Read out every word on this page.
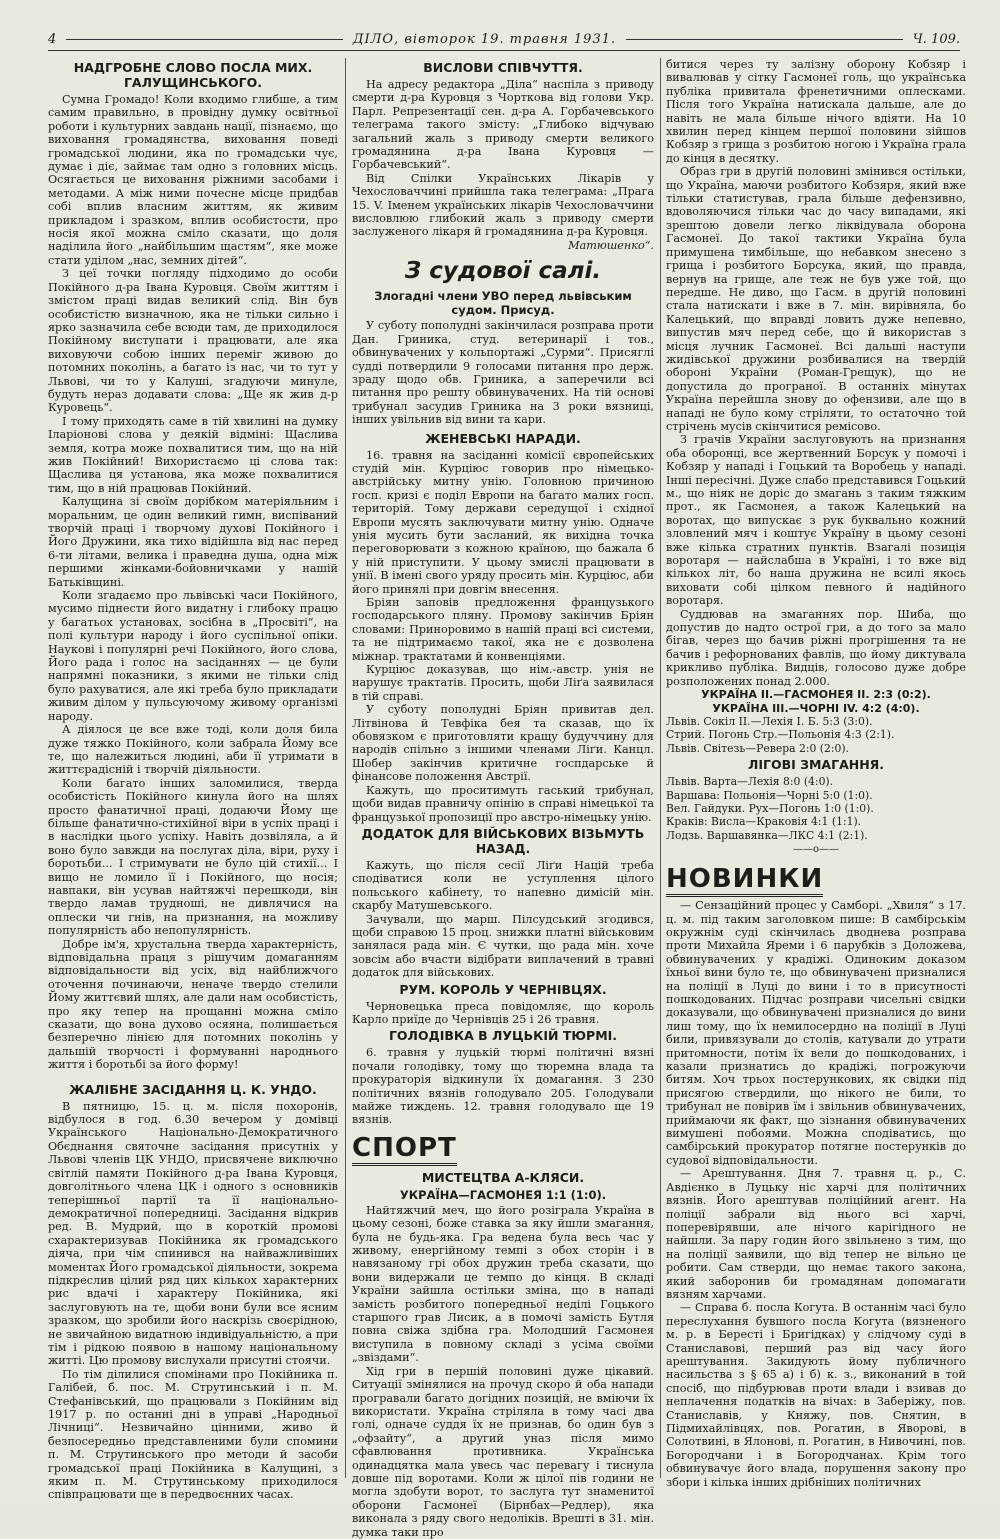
4	ДІЛО, вівторок 19. травня 1931.	Ч. 109.
НАДГРОБНЕ СЛОВО ПОСЛА МИХ. ГАЛУЩИНСЬКОГО.

Сумна Громадо! Коли входимо глибше, а тим самим правильно, в провідну думку освітньої роботи і культурних завдань нації, пізнаємо, що виховання громадянства, виховання поведі громадської людини, яка по громадськи чує, думає і діє, займає там одно з головних місць. Осягається це виховання ріжними засобами і методами. А між ними почесне місце придбав собі вплив власним життям, як живим прикладом і зразком, вплив особистости, про носія якої можна сміло сказати, що доля наділила його „найбільшим щастям“, яке може стати уділом „нас, земних дітей“.

З цеї точки погляду підходимо до особи Покійного д-ра Івана Куровця. Своїм життям і змістом праці видав великий слід. Він був особистістю визначною, яка не тільки сильно і ярко зазначила себе всюди там, де приходилося Покійному виступати і працювати, але яка виховуючи собою інших переміг живою до потомних поколінь, а багато із нас, чи то тут у Львові, чи то у Калуші, згадуючи минуле, будуть нераз додавати слова: „Ще як жив д-р Куровець“.

І тому приходять саме в тій хвилині на думку Іларіонові слова у деякій відміні: Щаслива земля, котра може похвалитися тим, що на ній жив Покійний! Вихористаємо ці слова так: Щаслива ця установа, яка може похвалитися тим, що в ній працював Покійний.

Калущина зі своїм дорібком матеріяльним і моральним, це один великий гимн, виспіваний творчій праці і творчому духові Покійного і Його Дружини, яка тихо відійшла від нас перед 6-ти літами, велика і праведна душа, одна між першими жінками-бойовничками у нашій Батьківщині.

Коли згадаємо про львівські часи Покійного, мусимо піднести його видатну і глибоку працю у багатьох установах, зосібна в „Просвіті“, на полі культури народу і його суспільної опіки. Наукові і популярні речі Покійного, його слова, Його рада і голос на засіданнях — це були напрямні показники, з якими не тільки слід було рахуватися, але які треба було прикладати живим ділом у пульсуючому живому організмі народу.

А діялося це все вже тоді, коли доля била дуже тяжко Покійного, коли забрала Йому все те, що належиться людині, аби її утримати в життєрадісній і творчій діяльности.

Коли багато інших заломилися, тверда особистість Покійного кинула його на шлях просто фанатичної праці, додаючи Йому ще більше фанатично-стихійної віри в успіх праці і в наслідки цього успіху. Навіть дозвіляла, а й воно було завжди на послугах діла, віри, руху і боротьби... І стримувати не було цій стихії... І вищо не ломило її і Покійного, що носія; навпаки, він усував найтяжчі перешкоди, він твердо ламав трудноші, не дивлячися на оплески чи гнів, на признання, на можливу популярність або непопулярність.

Добре ім'я, хрустальна тверда характерність, відповідальна праця з рішучим домаганням відповідальности від усіх, від найближчого оточення починаючи, неначе твердо стелили Йому життєвий шлях, але дали нам особистість, про яку тепер на прощанні можна сміло сказати, що вона духово осяяна, полишається безперечно лінією для потомних поколінь у дальшій творчості і формуванні народнього життя і боротьбі за його форму!

ЖАЛІБНЕ ЗАСІДАННЯ Ц. К. УНДО.

В пятницю, 15. ц. м. після похоронів, відбулося в год. 6.30 вечером у домівці Українського Національно-Демократичного Обєднання святочне засідання присутніх у Львові членів ЦК УНДО, присвячене виключно світлій памяти Покійного д-ра Івана Куровця, довголітнього члена ЦК і одного з основників теперішньої партії та її національно-демократичної попередниці. Засідання відкрив ред. В. Мудрий, що в короткій промові схарактеризував Покійника як громадського діяча, при чім спинився на найважливіших моментах Його громадської діяльности, зокрема підкреслив цілий ряд цих кількох характерних рис вдачі і характеру Покійника, які заслуговують на те, щоби вони були все ясним зразком, що зробили його наскрізь своєрідною, не звичайною видатною індивідуальністю, а при тім і рідкою появою в нашому національному житті. Цю промову вислухали присутні стоячи.

По тім ділилися спомінами про Покійника п. Галібей, б. пос. М. Струтинський і п. М. Стефанівський, що працювали з Покійним від 1917 р. по останні дні в управі „Народньої Лічниці“. Незвичайно цінними, живо й безпосередньо представленими були спомини п. М. Струтинського про методи й засоби громадської праці Покійника в Калущині, з яким п. М. Струтинському приходилося співпрацювати ще в передвоєнних часах.

ВИСЛОВИ СПІВЧУТТЯ.

На адресу редактора „Діла“ наспіла з приводу смерти д-ра Куровця з Чорткова від голови Укр. Парл. Репрезентації сен. д-ра А. Горбачевського телеграма такого змісту: „Глибоко відчуваю загальний жаль з приводу смерти великого громадянина д-ра Івана Куровця — Горбачевський“.

Від Спілки Українських Лікарів у Чехословаччині прийшла така телеграма: „Прага 15. V. Іменем українських лікарів Чехословаччини висловлюю глибокий жаль з приводу смерти заслуженого лікаря й громадянина д-ра Куровця.

Матюшенко“.

З судової салі.
Злогадні члени УВО перед львівським судом. Присуд.

У суботу пополудні закінчилася розправа проти Дан. Гриника, студ. ветеринарії і тов., обвинувачених у кольпортажі „Сурми“. Присяглі судді потвердили 9 голосами питання про держ. зраду щодо обв. Гриника, а заперечили всі питання про решту обвинувачених. На тій основі трибунал засудив Гриника на 3 роки вязниці, інших увільнив від вини та кари.

ЖЕНЕВСЬКІ НАРАДИ.

16. травня на засіданні комісії європейських студій мін. Курціюс говорив про німецько-австрійську митну унію. Головною причиною госп. кризі є поділ Европи на багато малих госп. територій. Тому держави середущої і східної Европи мусять заключувати митну унію. Одначе унія мусить бути засланий, як вихідна точка переговорювати з кожною країною, що бажала б у ній приступити. У цьому змислі працювати в унії. В імені свого уряду просить мін. Курціюс, аби його принялі при довгім внесення.

Бріян заповів предложення французького господарського пляну. Промову закінчив Бріян словами: Приноровимо в нашій праці всі системи, та не підтримаємо такої, яка не є дозволена міжнар. трактатами й конвенціями.

Курціюс доказував, що нім.-австр. унія не нарушує трактатів. Просить, щоби Ліґа заявилася в тій справі.

У суботу пополудні Бріян привитав дел. Літвінова й Тевфіка бея та сказав, що їх обовязком є приготовляти кращу будуччину для народів спільно з іншими членами Ліґи. Канцл. Шобер закінчив критичне госпдарське й фінансове положення Австрії.

Кажуть, що проситимуть гаський трибунал, щоби видав правничу опінію в справі німецької та французької пропозиції про австро-німецьку унію.

ДОДАТОК ДЛЯ ВІЙСЬКОВИХ ВІЗЬМУТЬ НАЗАД.

Кажуть, що після сесії Ліґи Націй треба сподіватися коли не уступлення цілого польського кабінету, то напевно димісій мін. скарбу Матушевського.

Зачували, що марш. Пілсудський згодився, щоби справою 15 проц. знижки платні військовим занялася рада мін. Є чутки, що рада мін. хоче зовсім або вчасти відібрати виплачений в травні додаток для військових.

РУМ. КОРОЛЬ У ЧЕРНІВЦЯХ.

Черновецька преса повідомляє, що король Карло приїде до Чернівців 25 і 26 травня.

ГОЛОДІВКА В ЛУЦЬКІЙ ТЮРМІ.

6. травня у луцькій тюрмі політичні вязні почали голодівку, тому що тюремна влада та прокураторія відкинули їх домагання. З 230 політичних вязнів голодувало 205. Голодували майже тиждень. 12. травня голодувало ще 19 вязнів.

СПОРТ
МИСТЕЦТВА А-КЛЯСИ.
УКРАЇНА—ГАСМОНЕЯ 1:1 (1:0).

Найтяжчий меч, що його розіграла Україна в цьому сезоні, боже ставка за яку йшли змагання, була не будь-яка. Гра ведена була весь час у живому, енергійному темпі з обох сторін і в навязаному грі обох дружин треба сказати, що вони видержали це темпо до кінця. В складі України зайшла остільки зміна, що в нападі замість розбитого попередньої неділі Гоцького старшого грав Лисик, а в помочі замість Бутля повна свіжа здібна гра. Молодший Гасмонея виступила в повному складі з усіма своїми „звіздами“.

Хід гри в першій половині дуже цікавий. Ситуації змінялися на прочуд скоро й оба напади програвали багато догідних позицій, не вміючи їх використати. Україна стріляла в тому часі два голі, одначе суддя їх не признав, бо один був з „офзайту“, а другий уназ після мимо сфавлювання противника. Українська одинадцятка мала увесь час перевагу і тиснула довше під воротами. Коли ж цілої пів години не могла здобути ворот, то заслуга тут знаменитої оборони Гасмонеї (Бірнбах—Редлер), яка виконала з ряду свого недоліків. Врешті в 31. мін. думка таки про

битися через ту залізну оборону Кобзяр і вивалював у сітку Гасмонеї голь, що українська публіка привитала френетичними оплесками. Після того Україна натискала дальше, але до навіть не мала більше нічого вдіяти. На 10 хвилин перед кінцем першої половини зійшов Кобзяр з грища з розбитою ногою і Україна грала до кінця в десятку.

Образ гри в другій половині змінився остільки, що Україна, маючи розбитого Кобзяря, який вже тільки статистував, грала більше дефензивно, вдоволяючися тільки час до часу випадами, які зрештою довели легко ліквідувала оборона Гасмонеї. До такої тактики Україна була примушена тимбільше, що небавком знесено з грища і розбитого Борсука, який, що правда, вернув на грище, але теж не був уже той, що передше. Не диво, що Гасм. в другій половині стала натискати і вже в 7. мін. вирівняла, бо Калецький, що вправді ловить дуже непевно, випустив мяч перед себе, що й використав з місця лучник Гасмонеї. Всі дальші наступи жидівської дружини розбивалися на твердій обороні України (Роман-Грещук), що не допустила до програної. В останніх мінутах Україна перейшла знову до офензиви, але що в нападі не було кому стріляти, то остаточно той стрічень мусів скінчитися ремісово.

З грачів України заслуговують на признання оба оборонці, все жертвенний Борсук у помочі і Кобзяр у нападі і Гоцький та Воробець у нападі. Інші пересічні. Дуже слабо представився Гоцький м., що ніяк не доріс до змагань з таким тяжким прот., як Гасмонея, а також Калецький на воротах, що випускає з рук буквально кожний зловлений мяч і коштує Україну в цьому сезоні вже кілька стратних пунктів. Взагалі позиція воротаря — найслабша в Україні, і то вже від кількох літ, бо наша дружина не всилі якось виховати собі цілком певного й надійного воротаря.

Суддював на змаганнях пор. Шиба, що допустив до надто острої гри, а до того за мало бігав, через що бачив ріжні прогрішення та не бачив і рефорнованих фавлів, що йому диктувала крикливо публіка. Видців, голосово дуже добре розположених понад 2.000.

УКРАЇНА II.—ГАСМОНЕЯ II. 2:3 (0:2).
УКРАЇНА III.—ЧОРНІ IV. 4:2 (4:0).
Львів. Сокіл II.—Лехія I. Б. 5:3 (3:0).
Стрий. Погонь Стр.—Польонія 4:3 (2:1).
Львів. Світезь—Ревера 2:0 (2:0).
ЛІГОВІ ЗМАГАННЯ.
Львів. Варта—Лехія 8:0 (4:0).
Варшава: Польонія—Чорні 5:0 (1:0).
Вел. Гайдуки. Рух—Погонь 1:0 (1:0).
Краків: Висла—Краковія 4:1 (1:1).
Лодзь. Варшавянка—ЛКС 4:1 (2:1).
——o——
НОВИНКИ

— Сензаційний процес у Самборі. „Хвиля“ з 17. ц. м. під таким заголовком пише: В самбірськім окружнім суді скінчилась дводнева розправа проти Михайла Яреми і 6 парубків з Доложева, обвинувачених у крадіжі. Одиноким доказом їхньої вини було те, що обвинувачені призналися на поліції в Луці до вини і то в присутності пошкодованих. Підчас розправи чисельні свідки доказували, що обвинувачені призналися до вини лиш тому, що їх немилосердно на поліції в Луці били, привязували до столів, катували до утрати притомности, потім їх вели до пошкодованих, і казали признатись до крадіжі, погрожуючи битям. Хоч трьох постерункових, як свідки під присягою ствердили, що нікого не били, то трибунал не повірив їм і звільнив обвинувачених, приймаючи як факт, що зізнання обвинувачених вимушені побоями. Можна сподіватись, що самбірський прокуратор потягне постерунків до судової відповідальности.

— Арештування. Дня 7. травня ц. р., С. Авдієнко в Луцьку ніс харчі для політичних вязнів. Його арештував поліційний агент. На поліції забрали від нього всі харчі, поперевірявши, але нічого карігідного не найшли. За пару годин його звільнено з тим, що на поліції заявили, що від тепер не вільно це робити. Сам стверди, що немає такого закона, який заборонив би громадянам допомагати вязням харчами.

— Справа б. посла Когута. В останнім часі було переслухання бувшого посла Когута (вязненого м. р. в Бересті і Бригідках) у слідчому суді в Станиславові, перший раз від часу його арештування. Закидують йому публичного насильства з § 65 а) і б) к. з., виконаний в той спосіб, що підбурював проти влади і взивав до неплачення податків на вічах: в Заберіжу, пов. Станиславів, у Княжу, пов. Снятин, в Підмихайлівцях, пов. Рогатин, в Яворові, в Солотвині, в Ялонові, п. Рогатин, в Нивочині, пов. Богородчани і в Богородчанах. Крім того обвинувачує його влада, порушення закону про збори і кілька інших дрібніших політичних
